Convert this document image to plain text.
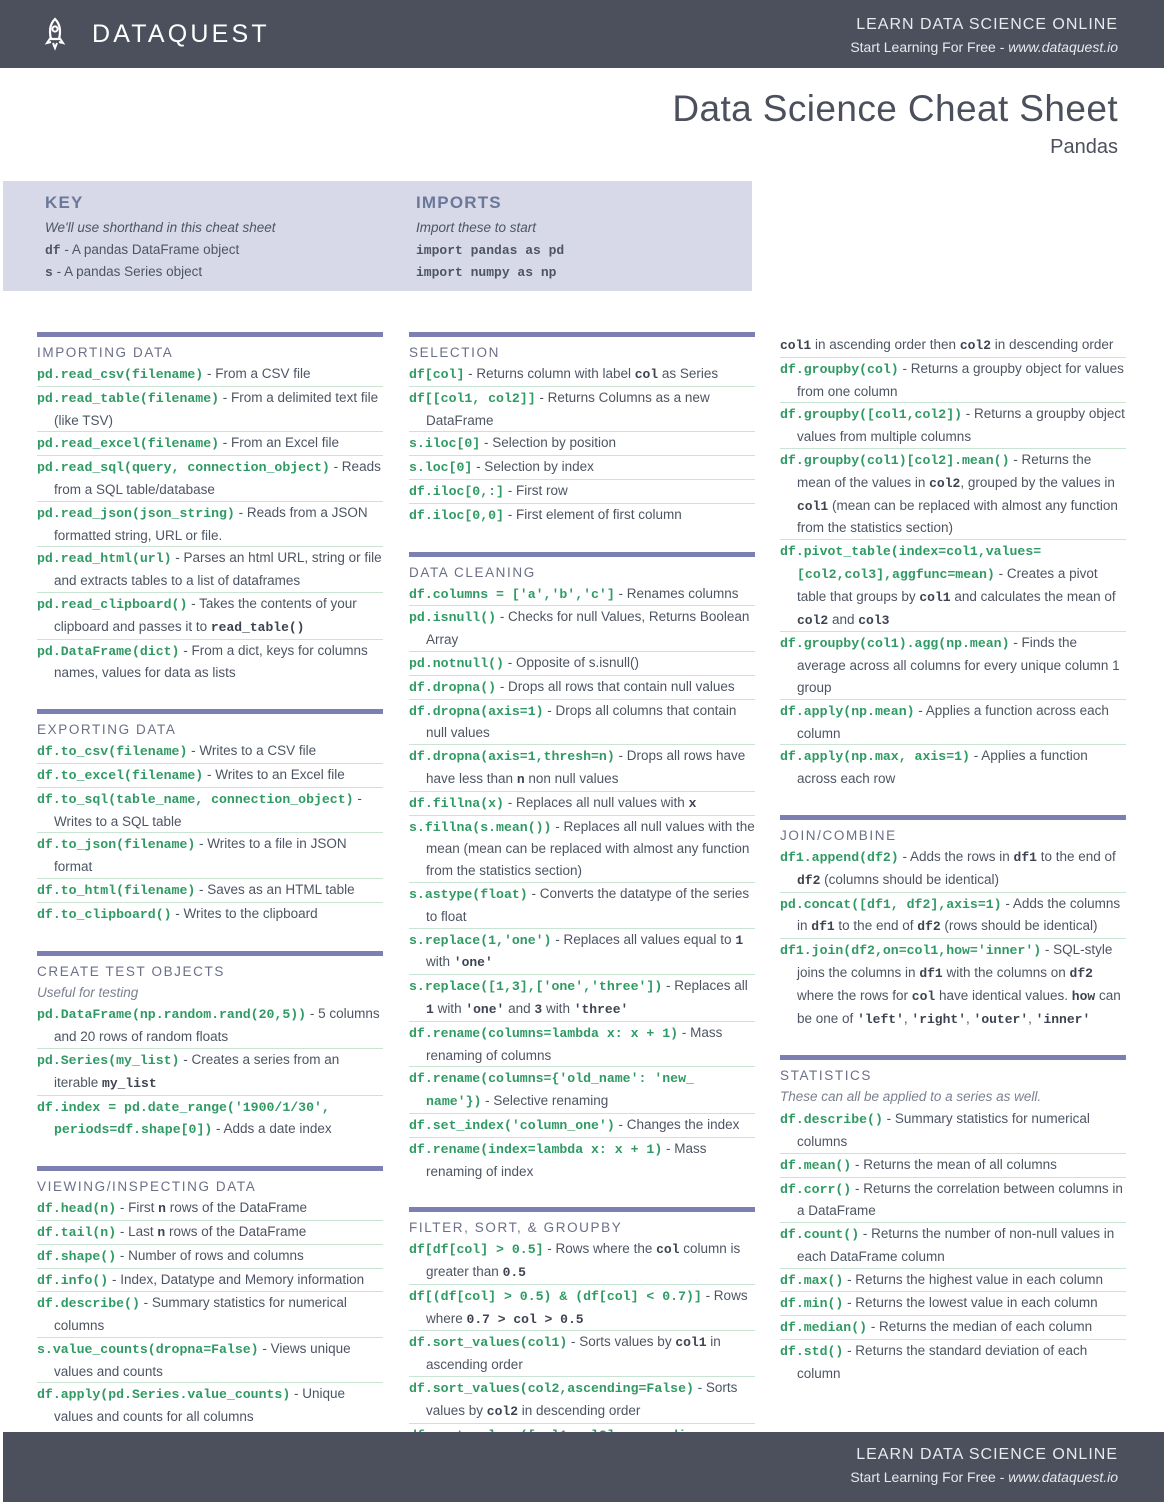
DATAQUEST	LEARN DATA SCIENCE ONLINE
Start Learning For Free - www.dataquest.io
Data Science Cheat Sheet
Pandas
KEY
We'll use shorthand in this cheat sheet
df - A pandas DataFrame object
s - A pandas Series object
IMPORTS
Import these to start
import pandas as pd
import numpy as np
IMPORTING DATA
pd.read_csv(filename) - From a CSV file
pd.read_table(filename) - From a delimited text file (like TSV)
pd.read_excel(filename) - From an Excel file
pd.read_sql(query, connection_object) - Reads from a SQL table/database
pd.read_json(json_string) - Reads from a JSON formatted string, URL or file.
pd.read_html(url) - Parses an html URL, string or file and extracts tables to a list of dataframes
pd.read_clipboard() - Takes the contents of your clipboard and passes it to read_table()
pd.DataFrame(dict) - From a dict, keys for columns names, values for data as lists
EXPORTING DATA
df.to_csv(filename) - Writes to a CSV file
df.to_excel(filename) - Writes to an Excel file
df.to_sql(table_name, connection_object) - Writes to a SQL table
df.to_json(filename) - Writes to a file in JSON format
df.to_html(filename) - Saves as an HTML table
df.to_clipboard() - Writes to the clipboard
CREATE TEST OBJECTS
Useful for testing
pd.DataFrame(np.random.rand(20,5)) - 5 columns and 20 rows of random floats
pd.Series(my_list) - Creates a series from an iterable my_list
df.index = pd.date_range('1900/1/30', periods=df.shape[0]) - Adds a date index
VIEWING/INSPECTING DATA
df.head(n) - First n rows of the DataFrame
df.tail(n) - Last n rows of the DataFrame
df.shape() - Number of rows and columns
df.info() - Index, Datatype and Memory information
df.describe() - Summary statistics for numerical columns
s.value_counts(dropna=False) - Views unique values and counts
df.apply(pd.Series.value_counts) - Unique values and counts for all columns
SELECTION
df[col] - Returns column with label col as Series
df[[col1, col2]] - Returns Columns as a new DataFrame
s.iloc[0] - Selection by position
s.loc[0] - Selection by index
df.iloc[0,:] - First row
df.iloc[0,0] - First element of first column
DATA CLEANING
df.columns = ['a','b','c'] - Renames columns
pd.isnull() - Checks for null Values, Returns Boolean Array
pd.notnull() - Opposite of s.isnull()
df.dropna() - Drops all rows that contain null values
df.dropna(axis=1) - Drops all columns that contain null values
df.dropna(axis=1,thresh=n) - Drops all rows have have less than n non null values
df.fillna(x) - Replaces all null values with x
s.fillna(s.mean()) - Replaces all null values with the mean (mean can be replaced with almost any function from the statistics section)
s.astype(float) - Converts the datatype of the series to float
s.replace(1,'one') - Replaces all values equal to 1 with 'one'
s.replace([1,3],['one','three']) - Replaces all 1 with 'one' and 3 with 'three'
df.rename(columns=lambda x: x + 1) - Mass renaming of columns
df.rename(columns={'old_name': 'new_ name'}) - Selective renaming
df.set_index('column_one') - Changes the index
df.rename(index=lambda x: x + 1) - Mass renaming of index
FILTER, SORT, & GROUPBY
df[df[col] > 0.5] - Rows where the col column is greater than 0.5
df[(df[col] > 0.5) & (df[col] < 0.7)] - Rows where 0.7 > col > 0.5
df.sort_values(col1) - Sorts values by col1 in ascending order
df.sort_values(col2,ascending=False) - Sorts values by col2 in descending order
col1 in ascending order then col2 in descending order
df.groupby(col) - Returns a groupby object for values from one column
df.groupby([col1,col2]) - Returns a groupby object values from multiple columns
df.groupby(col1)[col2].mean() - Returns the mean of the values in col2, grouped by the values in col1 (mean can be replaced with almost any function from the statistics section)
df.pivot_table(index=col1,values= [col2,col3],aggfunc=mean) - Creates a pivot table that groups by col1 and calculates the mean of col2 and col3
df.groupby(col1).agg(np.mean) - Finds the average across all columns for every unique column 1 group
df.apply(np.mean) - Applies a function across each column
df.apply(np.max, axis=1) - Applies a function across each row
JOIN/COMBINE
df1.append(df2) - Adds the rows in df1 to the end of df2 (columns should be identical)
pd.concat([df1, df2],axis=1) - Adds the columns in df1 to the end of df2 (rows should be identical)
df1.join(df2,on=col1,how='inner') - SQL-style joins the columns in df1 with the columns on df2 where the rows for col have identical values. how can be one of 'left', 'right', 'outer', 'inner'
STATISTICS
These can all be applied to a series as well.
df.describe() - Summary statistics for numerical columns
df.mean() - Returns the mean of all columns
df.corr() - Returns the correlation between columns in a DataFrame
df.count() - Returns the number of non-null values in each DataFrame column
df.max() - Returns the highest value in each column
df.min() - Returns the lowest value in each column
df.median() - Returns the median of each column
df.std() - Returns the standard deviation of each column
LEARN DATA SCIENCE ONLINE
Start Learning For Free - www.dataquest.io
